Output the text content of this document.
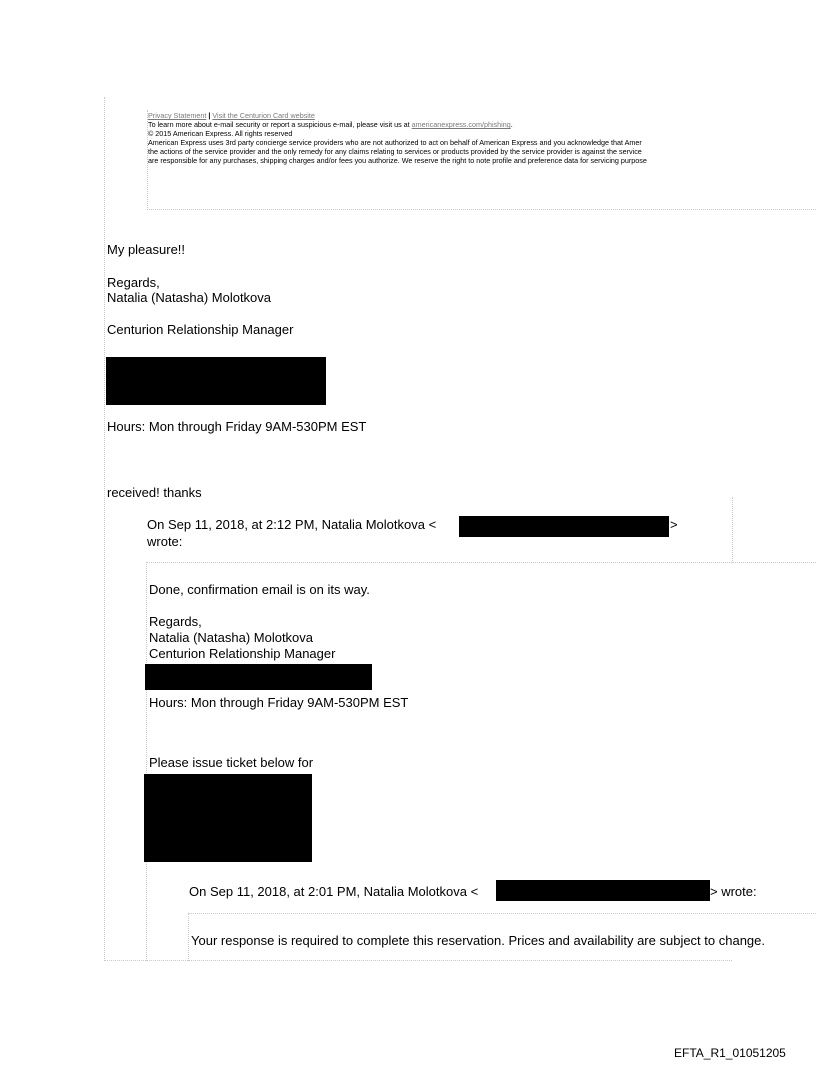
Privacy Statement | Visit the Centurion Card website
To learn more about e-mail security or report a suspicious e-mail, please visit us at americanexpress.com/phishing.
© 2015 American Express. All rights reserved
American Express uses 3rd party concierge service providers who are not authorized to act on behalf of American Express and you acknowledge that Amer
the actions of the service provider and the only remedy for any claims relating to services or products provided by the service provider is against the service
are responsible for any purchases, shipping charges and/or fees you authorize. We reserve the right to note profile and preference data for servicing purpose
My pleasure!!
Regards,
Natalia (Natasha) Molotkova
Centurion Relationship Manager
Hours: Mon through Friday 9AM-530PM EST
received! thanks
On Sep 11, 2018, at 2:12 PM, Natalia Molotkova <	>
wrote:
Done, confirmation email is on its way.
Regards,
Natalia (Natasha) Molotkova
Centurion Relationship Manager
Hours: Mon through Friday 9AM-530PM EST
Please issue ticket below for
On Sep 11, 2018, at 2:01 PM, Natalia Molotkova <	> wrote:
Your response is required to complete this reservation. Prices and availability are subject to change.
EFTA_R1_01051205
